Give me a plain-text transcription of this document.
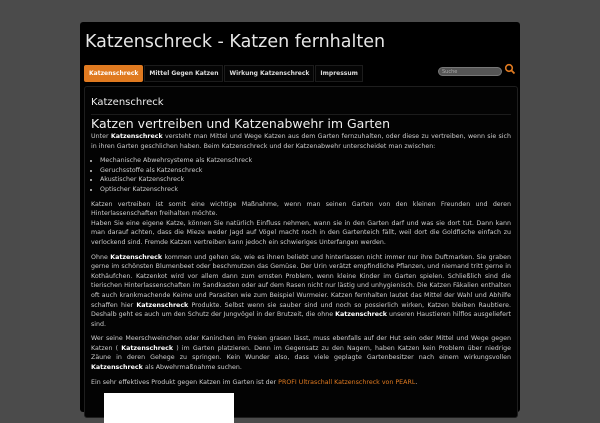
Katzenschreck - Katzen fernhalten
Katzenschreck	Mittel Gegen Katzen	Wirkung Katzenschreck	Impressum	Suche
Katzenschreck
Katzen vertreiben und Katzenabwehr im Garten

Unter Katzenschreck versteht man Mittel und Wege Katzen aus dem Garten fernzuhalten, oder diese zu vertreiben, wenn sie sich in ihren Garten geschlichen haben. Beim Katzenschreck und der Katzenabwehr unterscheidet man zwischen:

• Mechanische Abwehrsysteme als Katzenschreck
• Geruchsstoffe als Katzenschreck
• Akustischer Katzenschreck
• Optischer Katzenschreck

Katzen vertreiben ist somit eine wichtige Maßnahme, wenn man seinen Garten von den kleinen Freunden und deren Hinterlassenschaften freihalten möchte.
Haben Sie eine eigene Katze, können Sie natürlich Einfluss nehmen, wann sie in den Garten darf und was sie dort tut. Dann kann man darauf achten, dass die Mieze weder Jagd auf Vögel macht noch in den Gartenteich fällt, weil dort die Goldfische einfach zu verlockend sind. Fremde Katzen vertreiben kann jedoch ein schwieriges Unterfangen werden.

Ohne Katzenschreck kommen und gehen sie, wie es ihnen beliebt und hinterlassen nicht immer nur ihre Duftmarken. Sie graben gerne im schönsten Blumenbeet oder beschmutzen das Gemüse. Der Urin verätzt empfindliche Pflanzen, und niemand tritt gerne in Kothäufchen. Katzenkot wird vor allem dann zum ernsten Problem, wenn kleine Kinder im Garten spielen. Schließlich sind die tierischen Hinterlassenschaften im Sandkasten oder auf dem Rasen nicht nur lästig und unhygienisch. Die Katzen Fäkalien enthalten oft auch krankmachende Keime und Parasiten wie zum Beispiel Wurmeier. Katzen fernhalten lautet das Mittel der Wahl und Abhilfe schaffen hier Katzenschreck Produkte. Selbst wenn sie sauber sind und noch so possierlich wirken, Katzen bleiben Raubtiere. Deshalb geht es auch um den Schutz der Jungvögel in der Brutzeit, die ohne Katzenschreck unseren Haustieren hilflos ausgeliefert sind.

Wer seine Meerschweinchen oder Kaninchen im Freien grasen lässt, muss ebenfalls auf der Hut sein oder Mittel und Wege gegen Katzen ( Katzenschreck ) im Garten platzieren. Denn im Gegensatz zu den Nagern, haben Katzen kein Problem über niedrige Zäune in deren Gehege zu springen. Kein Wunder also, dass viele geplagte Gartenbesitzer nach einem wirkungsvollen Katzenschreck als Abwehrmaßnahme suchen.

Ein sehr effektives Produkt gegen Katzen im Garten ist der PROFI Ultraschall Katzenschreck von PEARL.
